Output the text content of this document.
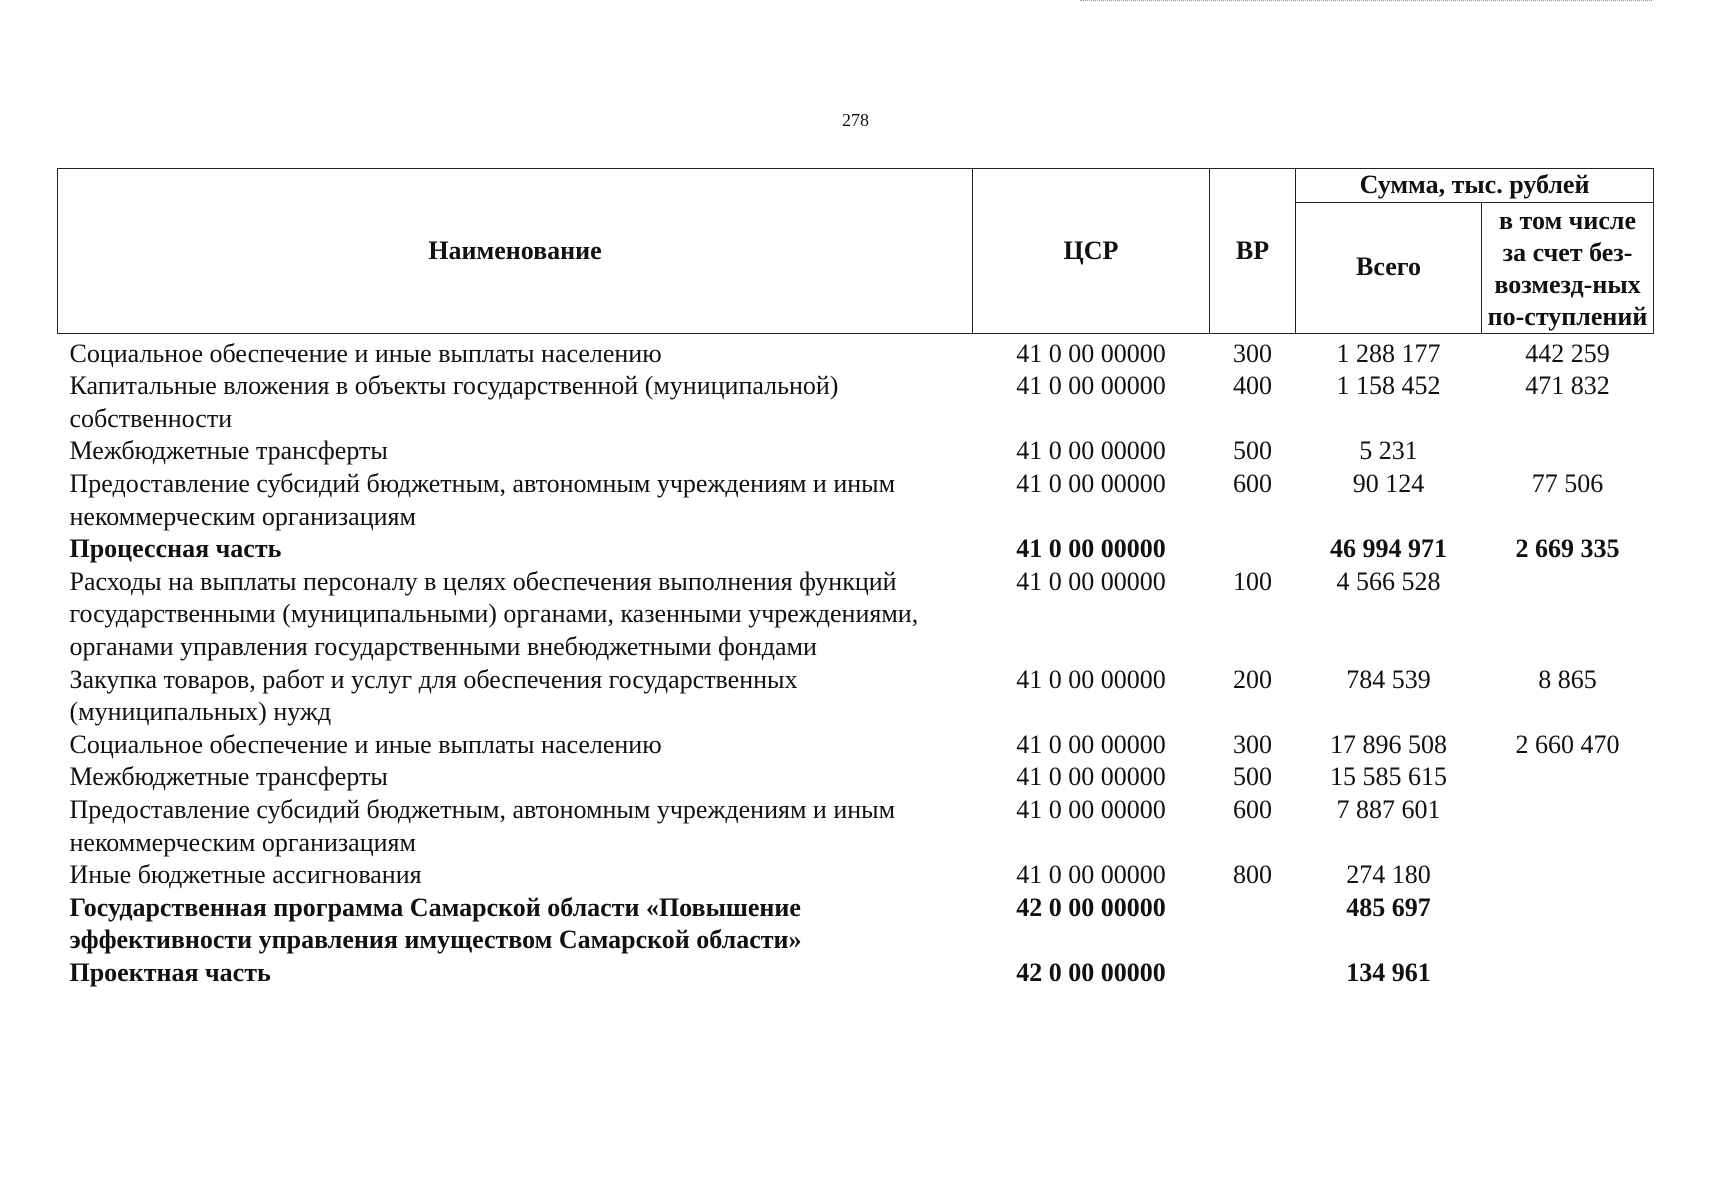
278
Наименование	ЦСР	ВР	Сумма, тыс. рублей	
			Всего	в том числе за счет без-возмезд-ных по-ступлений
Социальное обеспечение и иные выплаты населению	41 0 00 00000	300	1 288 177	442 259
Капитальные вложения в объекты государственной (муниципальной) собственности	41 0 00 00000	400	1 158 452	471 832
Межбюджетные трансферты	41 0 00 00000	500	5 231	
Предоставление субсидий бюджетным, автономным учреждениям и иным некоммерческим организациям	41 0 00 00000	600	90 124	77 506
Процессная часть	41 0 00 00000		46 994 971	2 669 335
Расходы на выплаты персоналу в целях обеспечения выполнения функций государственными (муниципальными) органами, казенными учреждениями, органами управления государственными внебюджетными фондами	41 0 00 00000	100	4 566 528	
Закупка товаров, работ и услуг для обеспечения государственных (муниципальных) нужд	41 0 00 00000	200	784 539	8 865
Социальное обеспечение и иные выплаты населению	41 0 00 00000	300	17 896 508	2 660 470
Межбюджетные трансферты	41 0 00 00000	500	15 585 615	
Предоставление субсидий бюджетным, автономным учреждениям и иным некоммерческим организациям	41 0 00 00000	600	7 887 601	
Иные бюджетные ассигнования	41 0 00 00000	800	274 180	
Государственная программа Самарской области «Повышение эффективности управления имуществом Самарской области»	42 0 00 00000		485 697	
Проектная часть	42 0 00 00000		134 961	
